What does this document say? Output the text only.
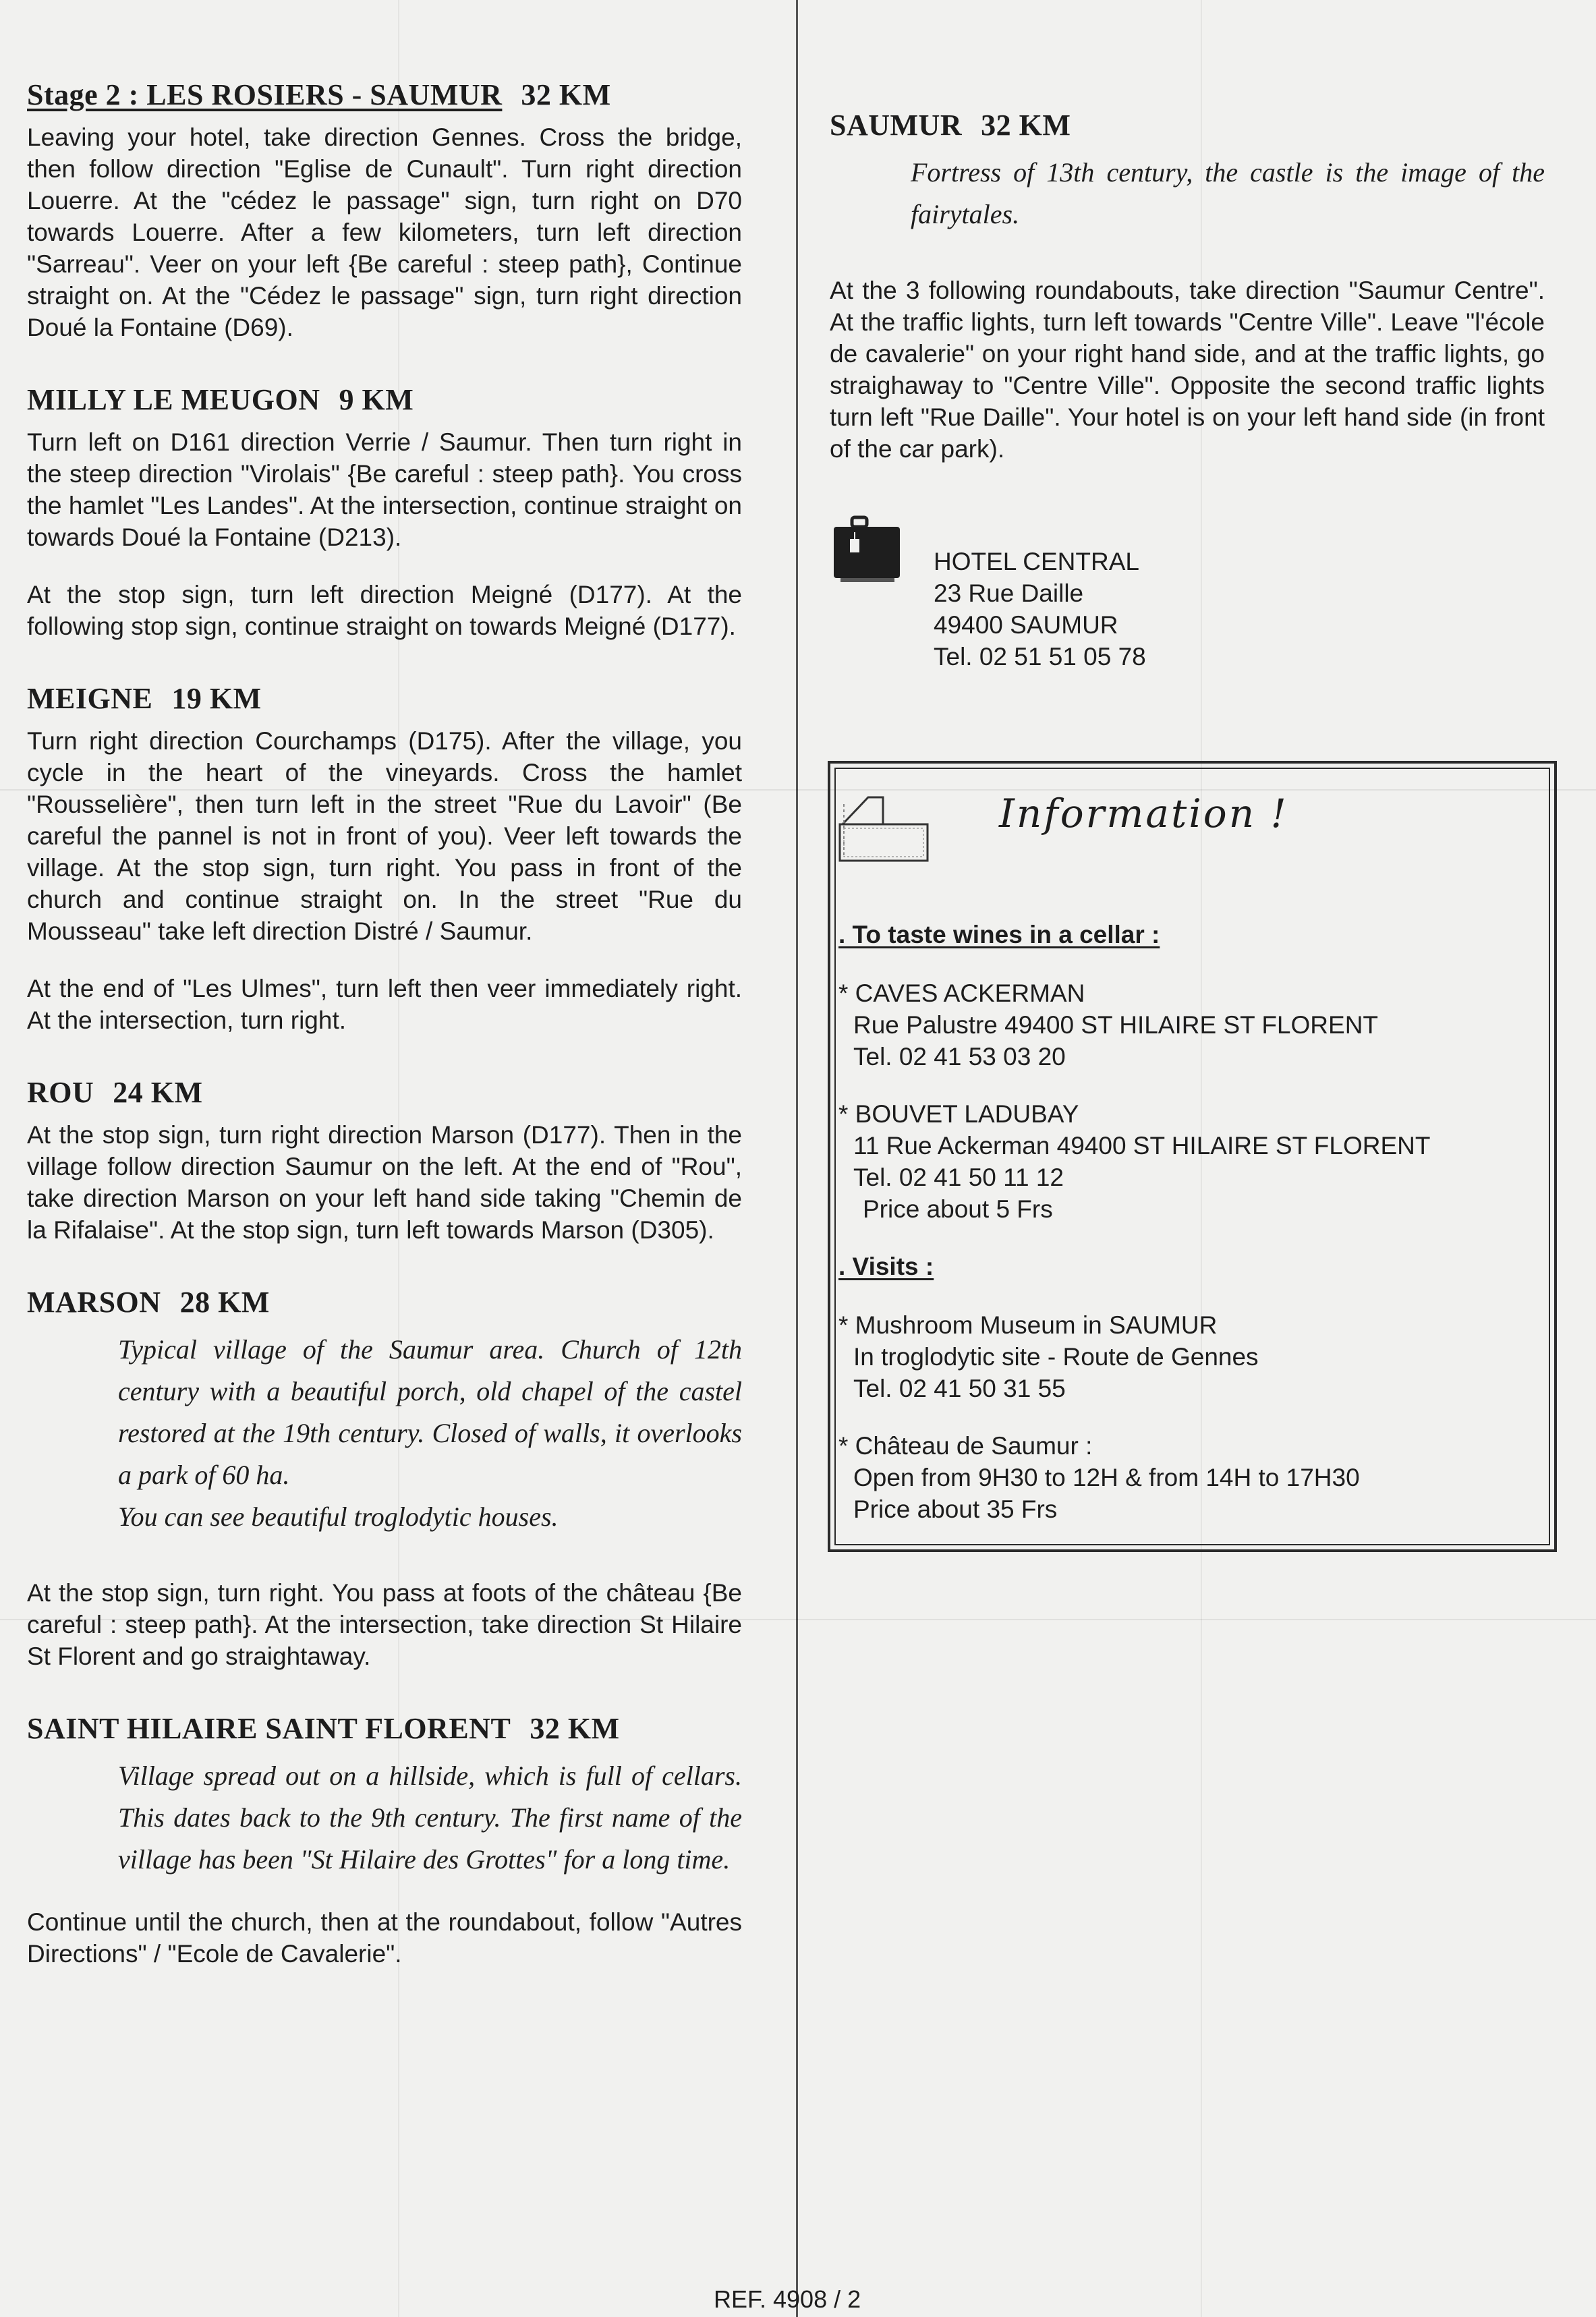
Stage 2 : LES ROSIERS - SAUMUR 32 KM

Leaving your hotel, take direction Gennes. Cross the bridge, then follow direction "Eglise de Cunault". Turn right direction Louerre. At the "cédez le passage" sign, turn right on D70 towards Louerre. After a few kilometers, turn left direction "Sarreau". Veer on your left {Be careful : steep path}, Continue straight on. At the "Cédez le passage" sign, turn right direction Doué la Fontaine (D69).

MILLY LE MEUGON 9 KM

Turn left on D161 direction Verrie / Saumur. Then turn right in the steep direction "Virolais" {Be careful : steep path}. You cross the hamlet "Les Landes". At the intersection, continue straight on towards Doué la Fontaine (D213).

At the stop sign, turn left direction Meigné (D177). At the following stop sign, continue straight on towards Meigné (D177).

MEIGNE 19 KM

Turn right direction Courchamps (D175). After the village, you cycle in the heart of the vineyards. Cross the hamlet "Rousselière", then turn left in the street "Rue du Lavoir" (Be careful the pannel is not in front of you). Veer left towards the village. At the stop sign, turn right. You pass in front of the church and continue straight on. In the street "Rue du Mousseau" take left direction Distré / Saumur.

At the end of "Les Ulmes", turn left then veer immediately right. At the intersection, turn right.

ROU 24 KM

At the stop sign, turn right direction Marson (D177). Then in the village follow direction Saumur on the left. At the end of "Rou", take direction Marson on your left hand side taking "Chemin de la Rifalaise". At the stop sign, turn left towards Marson (D305).

MARSON 28 KM

Typical village of the Saumur area. Church of 12th century with a beautiful porch, old chapel of the castel restored at the 19th century. Closed of walls, it overlooks a park of 60 ha.

You can see beautiful troglodytic houses.

At the stop sign, turn right. You pass at foots of the château {Be careful : steep path}. At the intersection, take direction St Hilaire St Florent and go straightaway.

SAINT HILAIRE SAINT FLORENT 32 KM

Village spread out on a hillside, which is full of cellars. This dates back to the 9th century. The first name of the village has been "St Hilaire des Grottes" for a long time.

Continue until the church, then at the roundabout, follow "Autres Directions" / "Ecole de Cavalerie".

SAUMUR 32 KM

Fortress of 13th century, the castle is the image of the fairytales.

At the 3 following roundabouts, take direction "Saumur Centre". At the traffic lights, turn left towards "Centre Ville". Leave "l'école de cavalerie" on your right hand side, and at the traffic lights, go straighaway to "Centre Ville". Opposite the second traffic lights turn left "Rue Daille". Your hotel is on your left hand side (in front of the car park).

HOTEL CENTRAL
23 Rue Daille
49400 SAUMUR
Tel. 02 51 51 05 78
Information !
. To taste wines in a cellar :
* CAVES ACKERMAN
Rue Palustre 49400 ST HILAIRE ST FLORENT
Tel. 02 41 53 03 20
* BOUVET LADUBAY
11 Rue Ackerman 49400 ST HILAIRE ST FLORENT
Tel. 02 41 50 11 12
Price about 5 Frs
. Visits :
* Mushroom Museum in SAUMUR
In troglodytic site - Route de Gennes
Tel. 02 41 50 31 55
* Château de Saumur :
Open from 9H30 to 12H & from 14H to 17H30
Price about 35 Frs
REF. 4908 / 2
